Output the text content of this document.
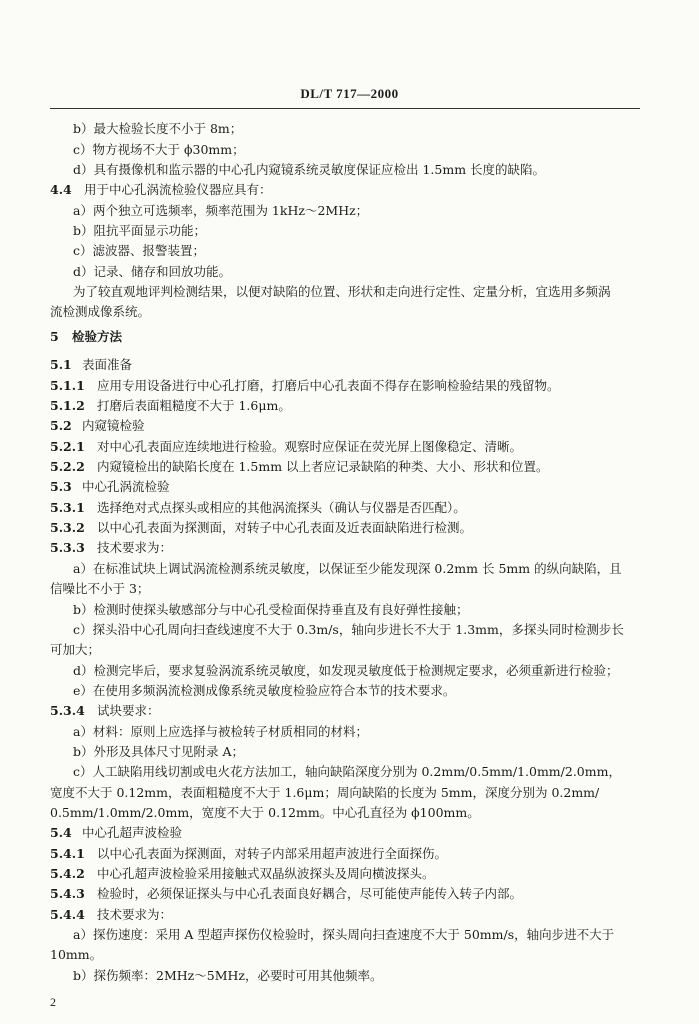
DL/T 717—2000
b）最大检验长度不小于 8m；
c）物方视场不大于 ϕ30mm；
d）具有摄像机和监示器的中心孔内窥镜系统灵敏度保证应检出 1.5mm 长度的缺陷。
4.4 用于中心孔涡流检验仪器应具有：
a）两个独立可选频率，频率范围为 1kHz～2MHz；
b）阻抗平面显示功能；
c）滤波器、报警装置；
d）记录、储存和回放功能。
为了较直观地评判检测结果，以便对缺陷的位置、形状和走向进行定性、定量分析，宜选用多频涡
流检测成像系统。
5 检验方法
5.1 表面准备
5.1.1 应用专用设备进行中心孔打磨，打磨后中心孔表面不得存在影响检验结果的残留物。
5.1.2 打磨后表面粗糙度不大于 1.6μm。
5.2 内窥镜检验
5.2.1 对中心孔表面应连续地进行检验。观察时应保证在荧光屏上图像稳定、清晰。
5.2.2 内窥镜检出的缺陷长度在 1.5mm 以上者应记录缺陷的种类、大小、形状和位置。
5.3 中心孔涡流检验
5.3.1 选择绝对式点探头或相应的其他涡流探头（确认与仪器是否匹配）。
5.3.2 以中心孔表面为探测面，对转子中心孔表面及近表面缺陷进行检测。
5.3.3 技术要求为：
a）在标准试块上调试涡流检测系统灵敏度，以保证至少能发现深 0.2mm 长 5mm 的纵向缺陷，且
信噪比不小于 3；
b）检测时使探头敏感部分与中心孔受检面保持垂直及有良好弹性接触；
c）探头沿中心孔周向扫查线速度不大于 0.3m/s，轴向步进长不大于 1.3mm，多探头同时检测步长
可加大；
d）检测完毕后，要求复验涡流系统灵敏度，如发现灵敏度低于检测规定要求，必须重新进行检验；
e）在使用多频涡流检测成像系统灵敏度检验应符合本节的技术要求。
5.3.4 试块要求：
a）材料：原则上应选择与被检转子材质相同的材料；
b）外形及具体尺寸见附录 A；
c）人工缺陷用线切割或电火花方法加工，轴向缺陷深度分别为 0.2mm/0.5mm/1.0mm/2.0mm，
宽度不大于 0.12mm，表面粗糙度不大于 1.6μm；周向缺陷的长度为 5mm，深度分别为 0.2mm/
0.5mm/1.0mm/2.0mm，宽度不大于 0.12mm。中心孔直径为 ϕ100mm。
5.4 中心孔超声波检验
5.4.1 以中心孔表面为探测面，对转子内部采用超声波进行全面探伤。
5.4.2 中心孔超声波检验采用接触式双晶纵波探头及周向横波探头。
5.4.3 检验时，必须保证探头与中心孔表面良好耦合，尽可能使声能传入转子内部。
5.4.4 技术要求为：
a）探伤速度：采用 A 型超声探伤仪检验时，探头周向扫查速度不大于 50mm/s，轴向步进不大于
10mm。
b）探伤频率：2MHz～5MHz，必要时可用其他频率。
2
